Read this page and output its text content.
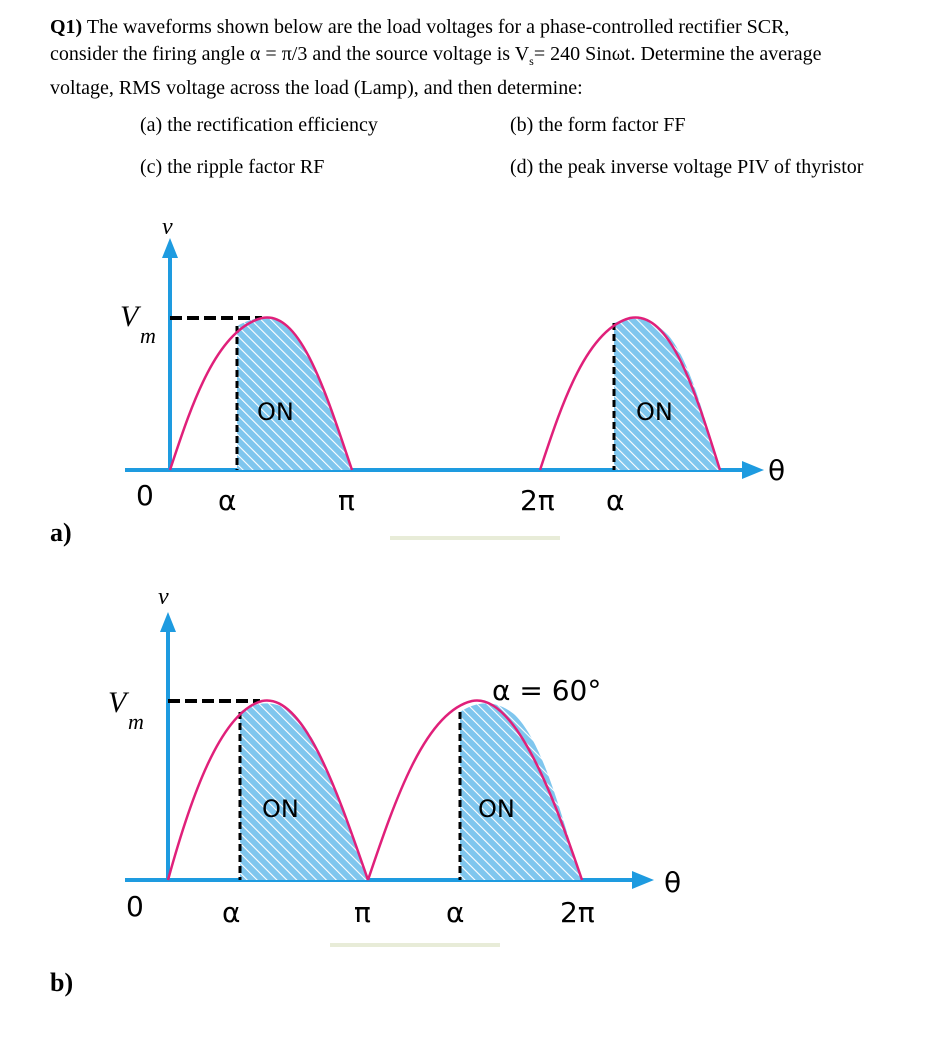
Q1) The waveforms shown below are the load voltages for a phase-controlled rectifier SCR,
consider the firing angle α = π/3 and the source voltage is $V_s= 240$ Sinωt. Determine the average
voltage, RMS voltage across the load (Lamp), and then determine:
(a) the rectification efficiency	(b) the form factor FF
(c) the ripple factor RF	(d) the peak inverse voltage PIV of thyristor
a)
b)
ON	ON
v
V
m
0 α	π	2π α
θ
ON	ON
α = 60°
v
V
m
0	α	π	α	2π
θ
